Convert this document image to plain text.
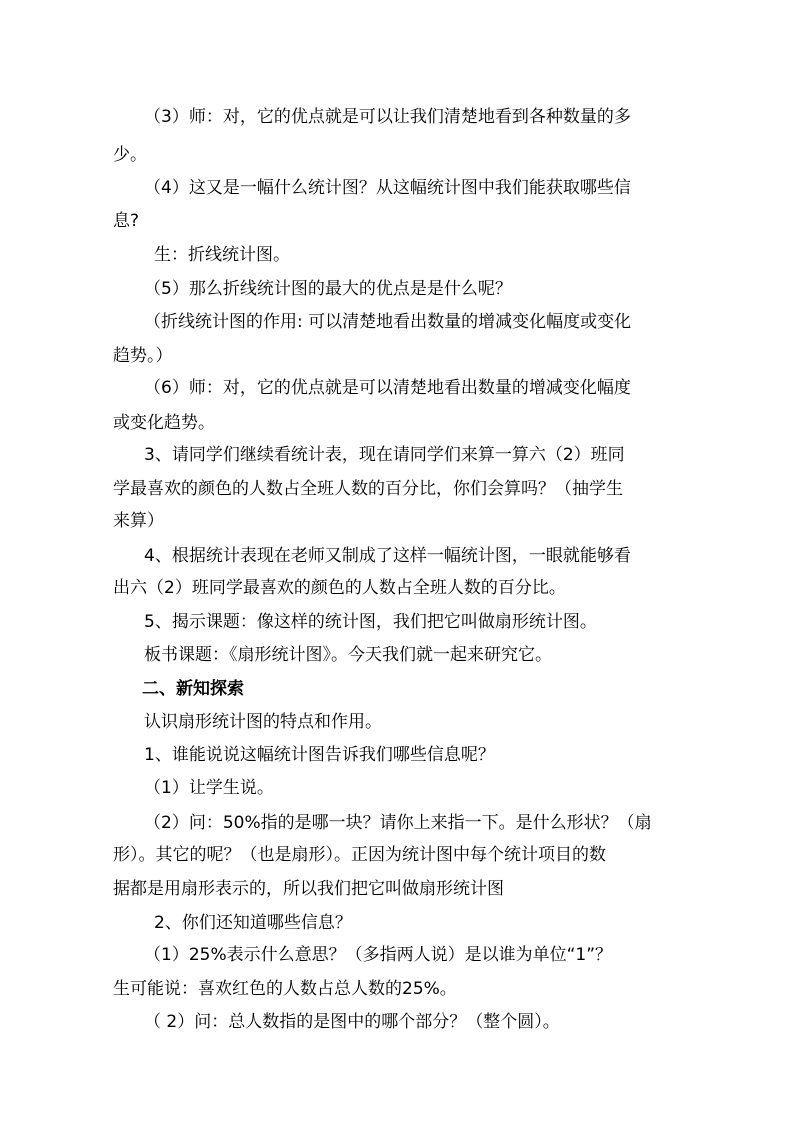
（3）师：对，它的优点就是可以让我们清楚地看到各种数量的多
少。
（4）这又是一幅什么统计图？从这幅统计图中我们能获取哪些信
息?
生：折线统计图。
（5）那么折线统计图的最大的优点是是什么呢？
（折线统计图的作用: 可以清楚地看出数量的增减变化幅度或变化
趋势。）
（6）师：对，它的优点就是可以清楚地看出数量的增减变化幅度
或变化趋势。
3、请同学们继续看统计表，现在请同学们来算一算六（2）班同
学最喜欢的颜色的人数占全班人数的百分比，你们会算吗？（抽学生
来算）
4、根据统计表现在老师又制成了这样一幅统计图，一眼就能够看
出六（2）班同学最喜欢的颜色的人数占全班人数的百分比。
5、揭示课题：像这样的统计图，我们把它叫做扇形统计图。
板书课题：《扇形统计图》。今天我们就一起来研究它。
二、新知探索
认识扇形统计图的特点和作用。
1、谁能说说这幅统计图告诉我们哪些信息呢？
（1）让学生说。
（2）问：50%指的是哪一块？请你上来指一下。是什么形状？（扇
形）。其它的呢？（也是扇形）。正因为统计图中每个统计项目的数
据都是用扇形表示的，所以我们把它叫做扇形统计图
2、你们还知道哪些信息？
（1）25%表示什么意思？（多指两人说）是以谁为单位“1”？
生可能说：喜欢红色的人数占总人数的25%。
（ 2）问：总人数指的是图中的哪个部分？（整个圆）。
